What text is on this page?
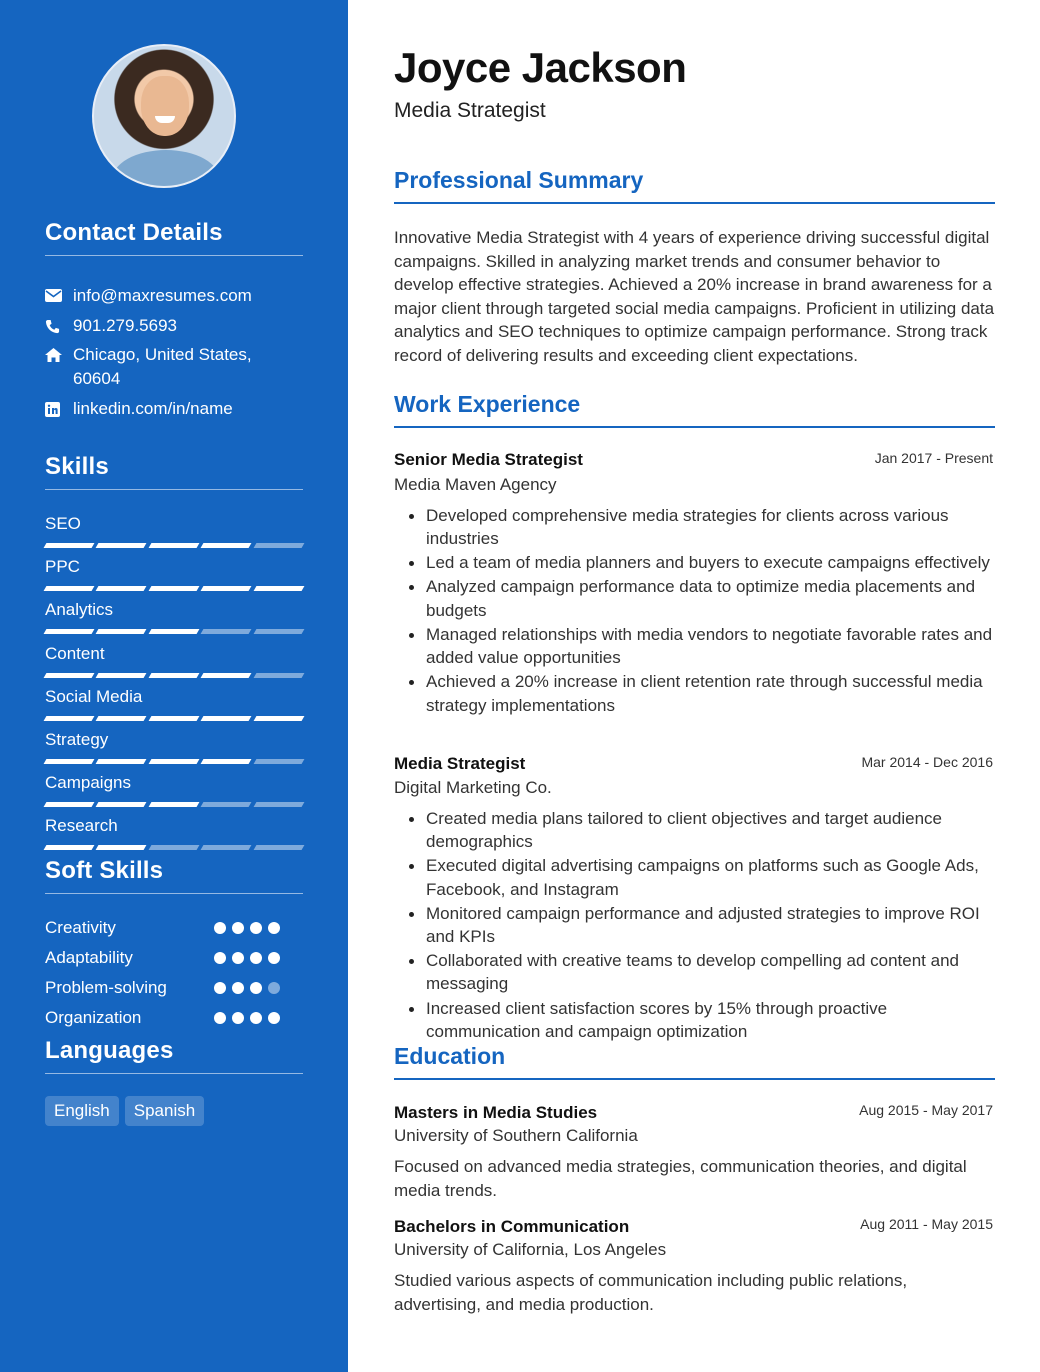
Contact Details
info@maxresumes.com
901.279.5693
Chicago, United States, 60604
linkedin.com/in/name
Skills
SEO
PPC
Analytics
Content
Social Media
Strategy
Campaigns
Research
Soft Skills
Creativity
Adaptability
Problem-solving
Organization
Languages
English	Spanish
Joyce Jackson
Media Strategist
Professional Summary
Innovative Media Strategist with 4 years of experience driving successful digital campaigns. Skilled in analyzing market trends and consumer behavior to develop effective strategies. Achieved a 20% increase in brand awareness for a major client through targeted social media campaigns. Proficient in utilizing data analytics and SEO techniques to optimize campaign performance. Strong track record of delivering results and exceeding client expectations.
Work Experience
Senior Media Strategist	Jan 2017 - Present
Media Maven Agency
Developed comprehensive media strategies for clients across various industries
Led a team of media planners and buyers to execute campaigns effectively
Analyzed campaign performance data to optimize media placements and budgets
Managed relationships with media vendors to negotiate favorable rates and added value opportunities
Achieved a 20% increase in client retention rate through successful media strategy implementations
Media Strategist	Mar 2014 - Dec 2016
Digital Marketing Co.
Created media plans tailored to client objectives and target audience demographics
Executed digital advertising campaigns on platforms such as Google Ads, Facebook, and Instagram
Monitored campaign performance and adjusted strategies to improve ROI and KPIs
Collaborated with creative teams to develop compelling ad content and messaging
Increased client satisfaction scores by 15% through proactive communication and campaign optimization
Education
Masters in Media Studies	Aug 2015 - May 2017
University of Southern California
Focused on advanced media strategies, communication theories, and digital media trends.
Bachelors in Communication	Aug 2011 - May 2015
University of California, Los Angeles
Studied various aspects of communication including public relations, advertising, and media production.
